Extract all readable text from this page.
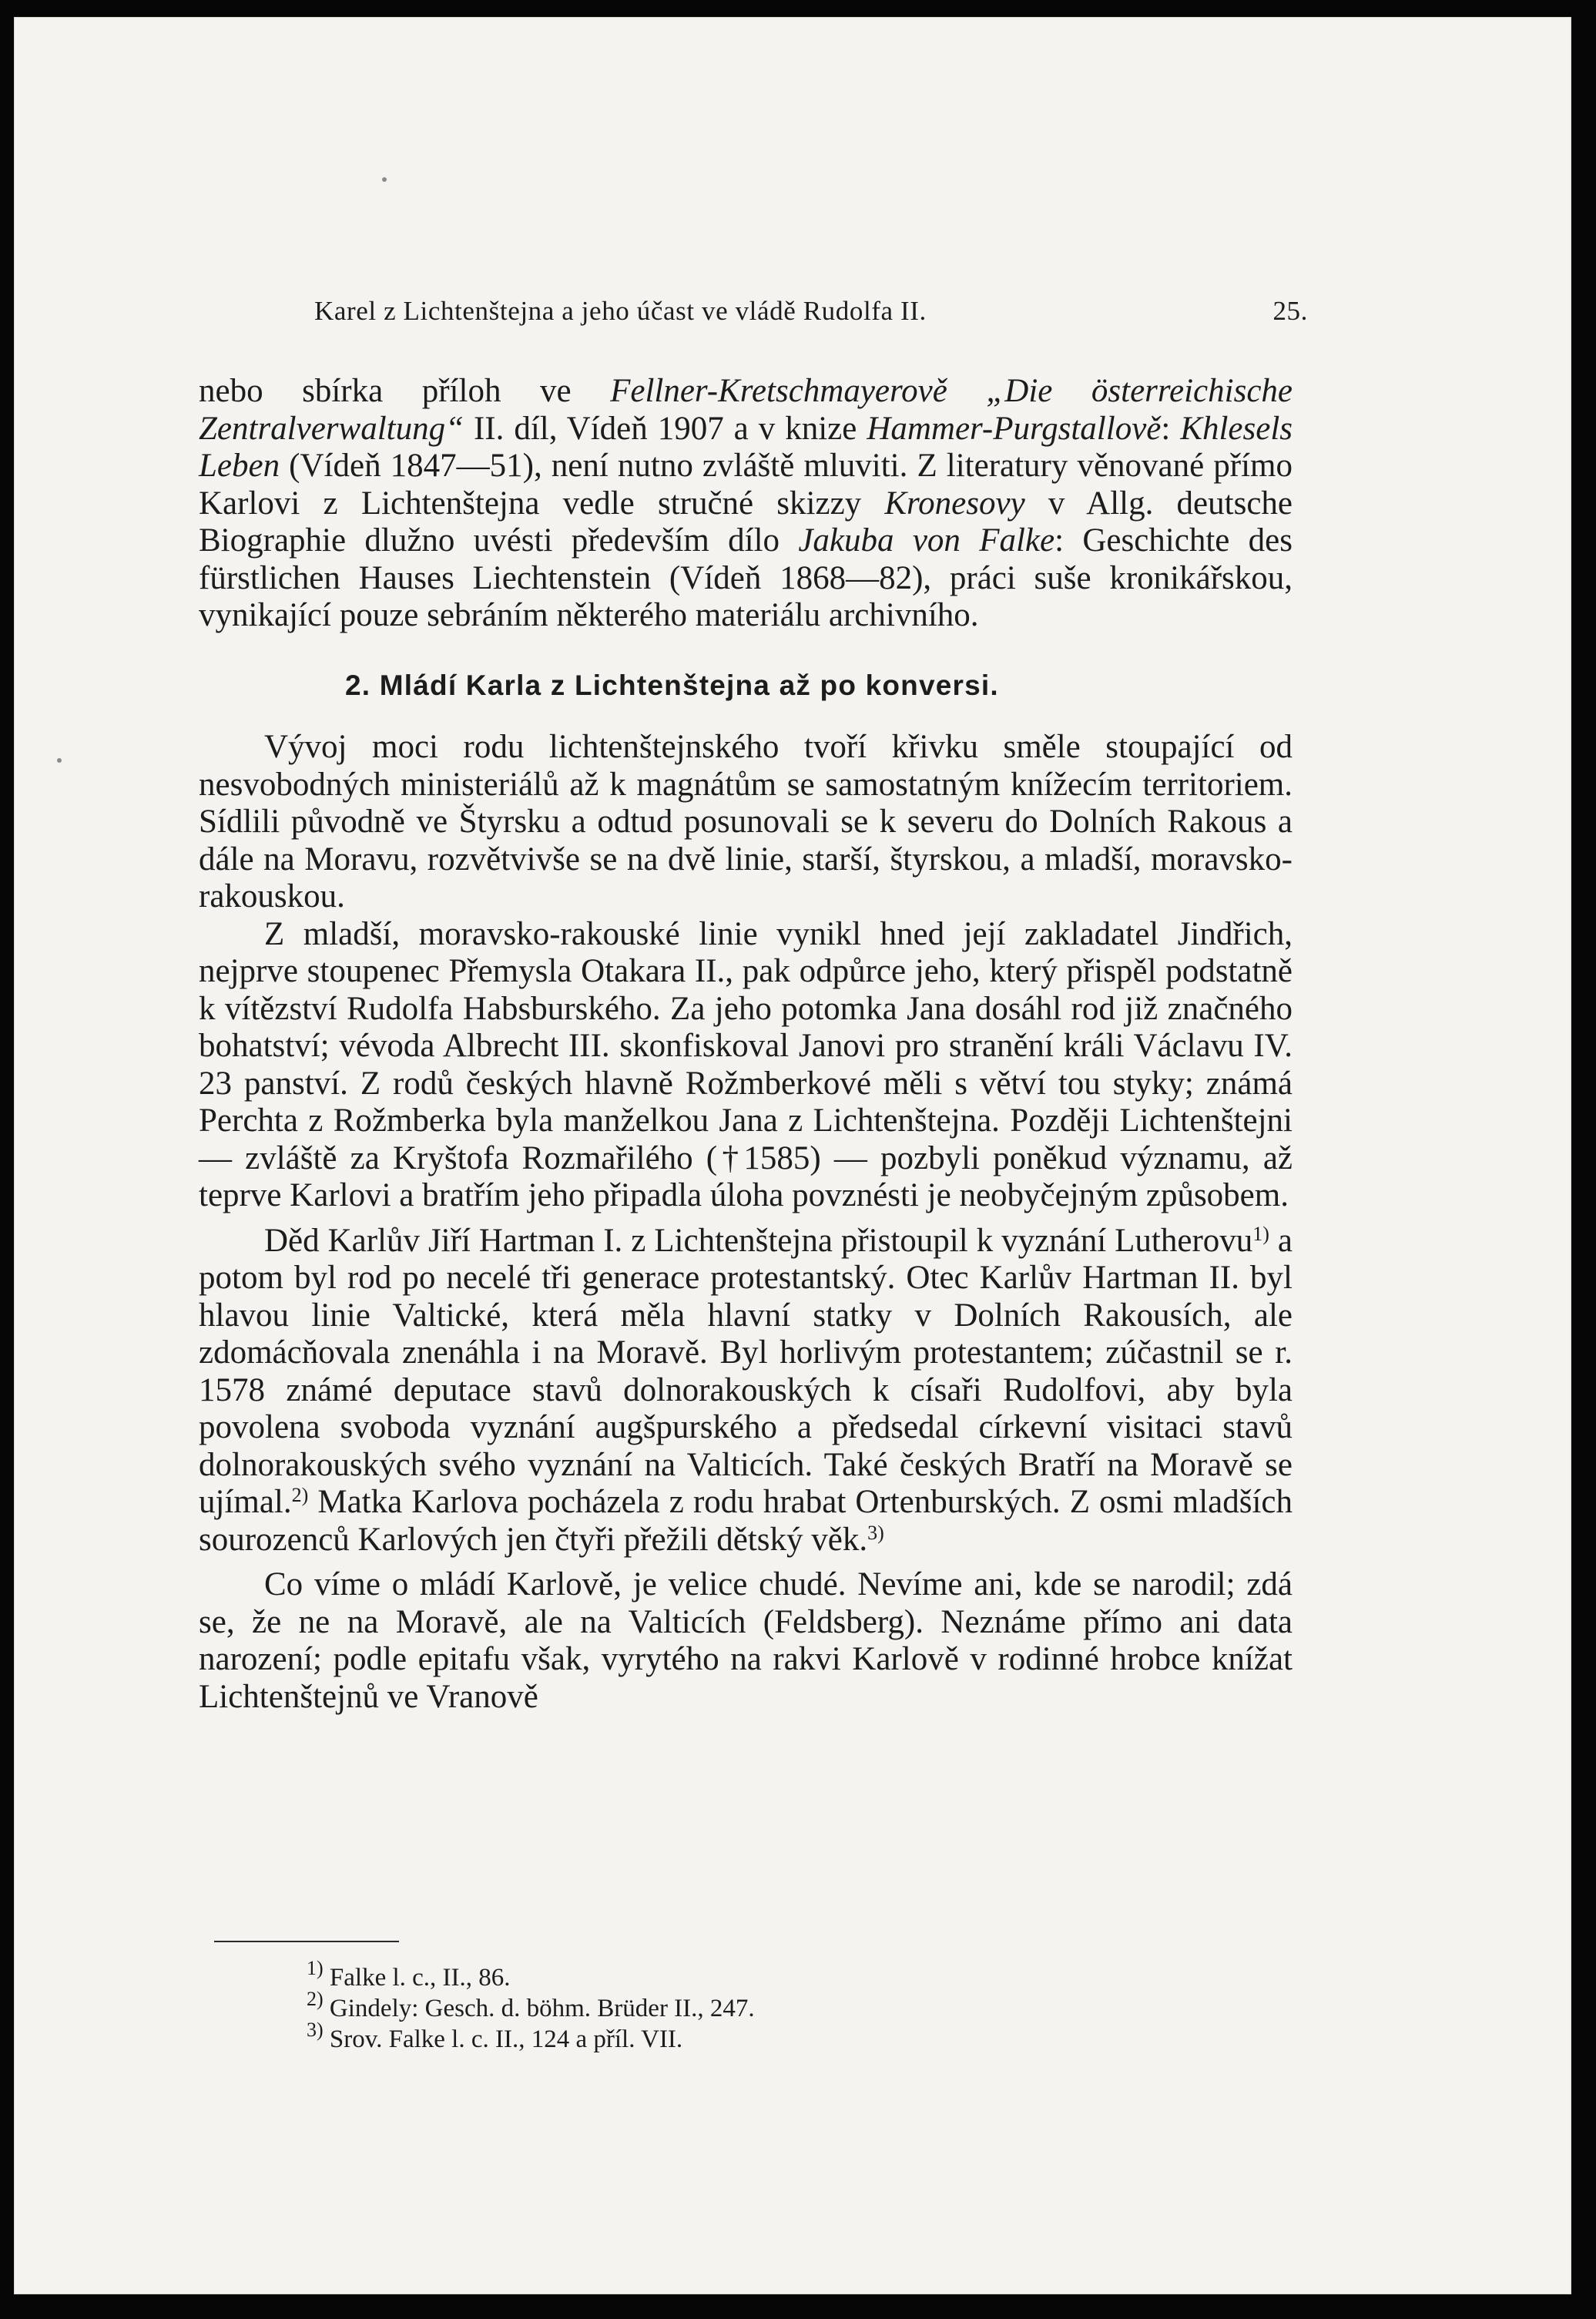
Karel z Lichtenštejna a jeho účast ve vládě Rudolfa II.	25.

nebo sbírka příloh ve Fellner-Kretschmayerově „Die österreichische Zentralverwaltung“ II. díl, Vídeň 1907 a v knize Hammer-Purgstallově: Khlesels Leben (Vídeň 1847—51), není nutno zvláště mluviti. Z literatury věnované přímo Karlovi z Lichtenštejna vedle stručné skizzy Kronesovy v Allg. deutsche Biographie dlužno uvésti především dílo Jakuba von Falke: Geschichte des fürstlichen Hauses Liechtenstein (Vídeň 1868—82), práci suše kronikářskou, vynikající pouze sebráním některého materiálu archivního.

2. Mládí Karla z Lichtenštejna až po konversi.

Vývoj moci rodu lichtenštejnského tvoří křivku směle stoupající od nesvobodných ministeriálů až k magnátům se samostatným knížecím territoriem. Sídlili původně ve Štyrsku a odtud posunovali se k severu do Dolních Rakous a dále na Moravu, rozvětvivše se na dvě linie, starší, štyrskou, a mladší, moravsko-rakouskou.

Z mladší, moravsko-rakouské linie vynikl hned její zakladatel Jindřich, nejprve stoupenec Přemysla Otakara II., pak odpůrce jeho, který přispěl podstatně k vítězství Rudolfa Habsburského. Za jeho potomka Jana dosáhl rod již značného bohatství; vévoda Albrecht III. skonfiskoval Janovi pro stranění králi Václavu IV. 23 panství. Z rodů českých hlavně Rožmberkové měli s větví tou styky; známá Perchta z Rožmberka byla manželkou Jana z Lichtenštejna. Později Lichtenštejni — zvláště za Kryštofa Rozmařilého (†1585) — pozbyli poněkud významu, až teprve Karlovi a bratřím jeho připadla úloha povznésti je neobyčejným způsobem.

Děd Karlův Jiří Hartman I. z Lichtenštejna přistoupil k vyznání Lutherovu$^{1)}$ a potom byl rod po necelé tři generace protestantský. Otec Karlův Hartman II. byl hlavou linie Valtické, která měla hlavní statky v Dolních Rakousích, ale zdomácňovala znenáhla i na Moravě. Byl horlivým protestantem; zúčastnil se r. 1578 známé deputace stavů dolnorakouských k císaři Rudolfovi, aby byla povolena svoboda vyznání augšpurského a předsedal církevní visitaci stavů dolnorakouských svého vyznání na Valticích. Také českých Bratří na Moravě se ujímal.$^{2)}$ Matka Karlova pocházela z rodu hrabat Ortenburských. Z osmi mladších sourozenců Karlových jen čtyři přežili dětský věk.$^{3)}$

Co víme o mládí Karlově, je velice chudé. Nevíme ani, kde se narodil; zdá se, že ne na Moravě, ale na Valticích (Feldsberg). Neznáme přímo ani data narození; podle epitafu však, vyrytého na rakvi Karlově v rodinné hrobce knížat Lichtenštejnů ve Vranově

$^{1)}$ Falke l. c., II., 86.
$^{2)}$ Gindely: Gesch. d. böhm. Brüder II., 247.
$^{3)}$ Srov. Falke l. c. II., 124 a příl. VII.
